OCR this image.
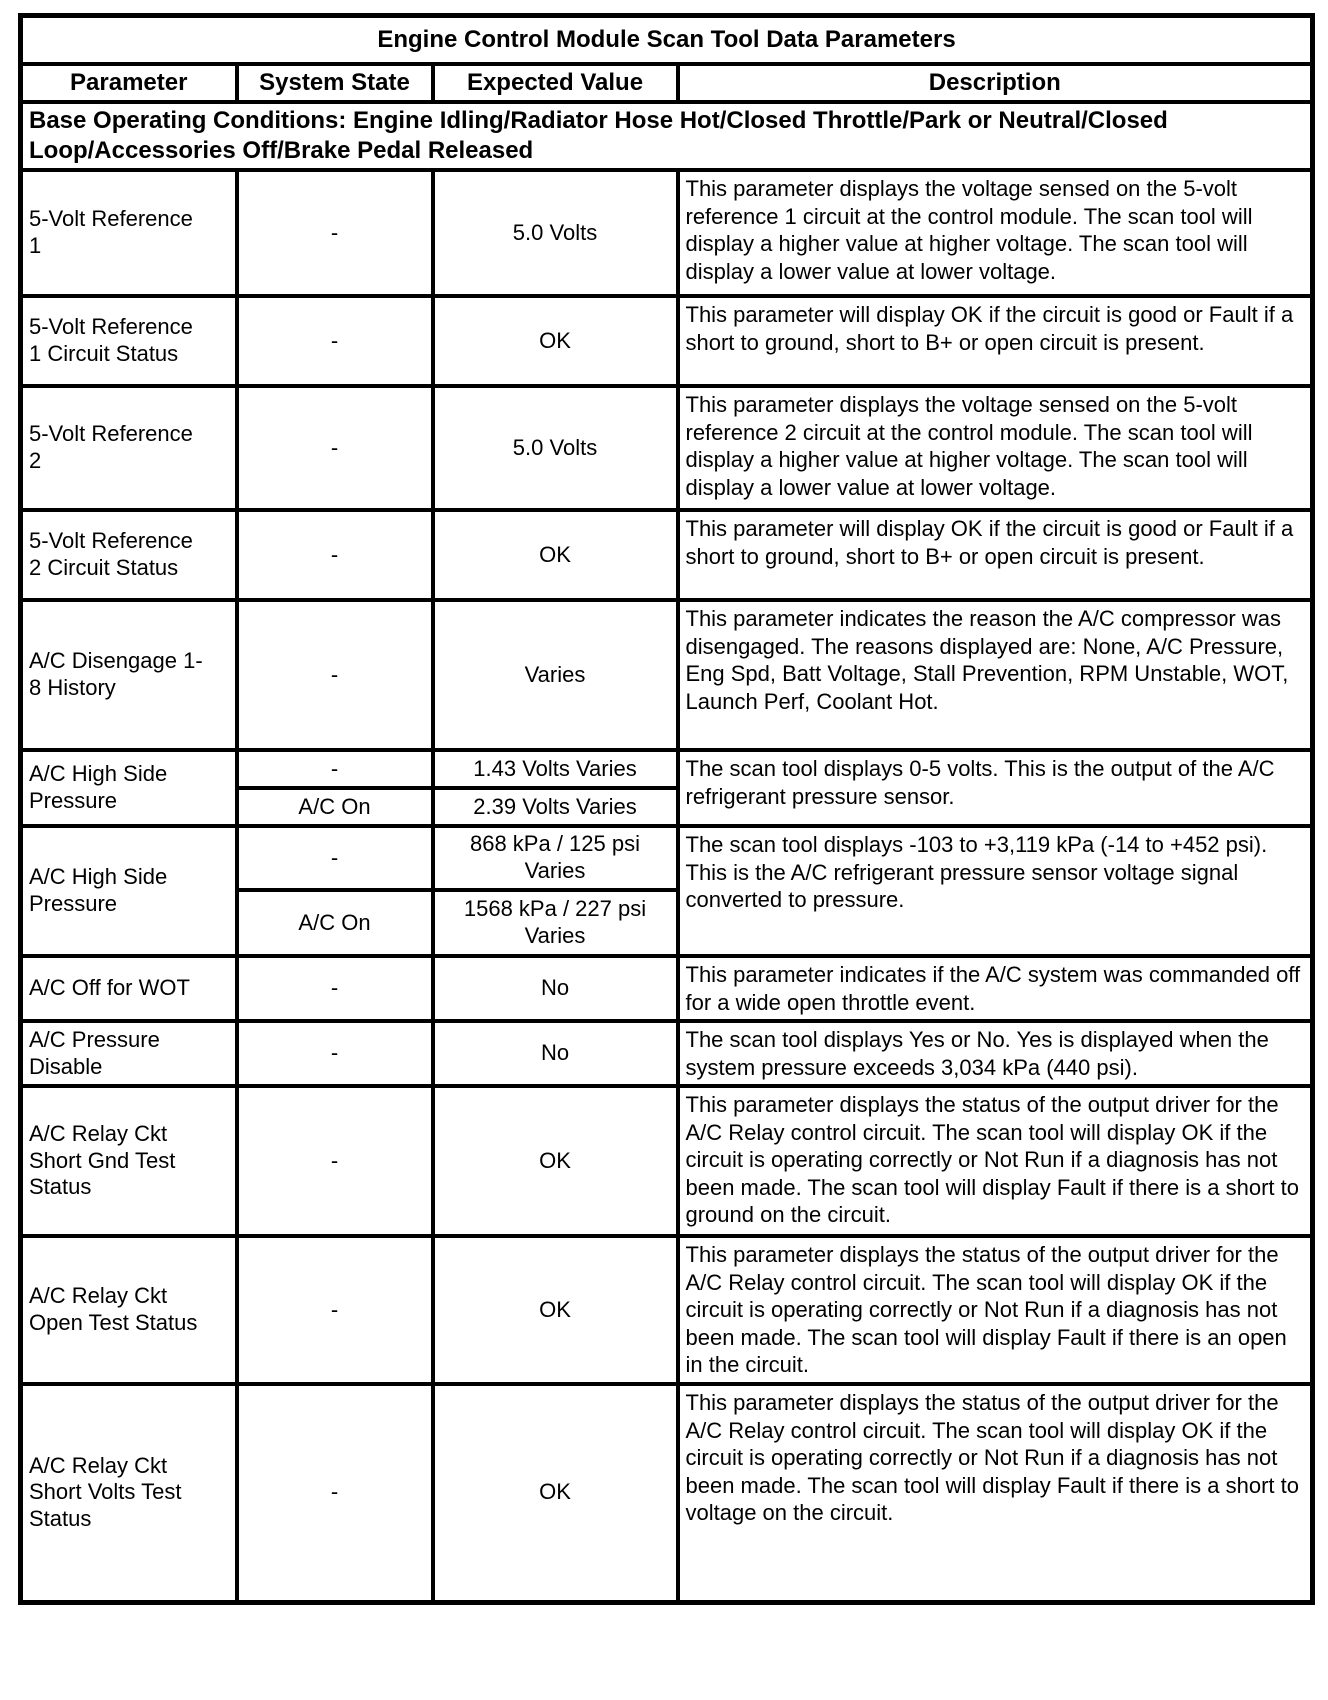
Engine Control Module Scan Tool Data Parameters			
Parameter	System State	Expected Value	Description
Base Operating Conditions: Engine Idling/Radiator Hose Hot/Closed Throttle/Park or Neutral/Closed Loop/Accessories Off/Brake Pedal Released			
5-Volt Reference 1	-	5.0 Volts	This parameter displays the voltage sensed on the 5-volt reference 1 circuit at the control module. The scan tool will display a higher value at higher voltage. The scan tool will display a lower value at lower voltage.
5-Volt Reference 1 Circuit Status	-	OK	This parameter will display OK if the circuit is good or Fault if a short to ground, short to B+ or open circuit is present.
5-Volt Reference 2	-	5.0 Volts	This parameter displays the voltage sensed on the 5-volt reference 2 circuit at the control module. The scan tool will display a higher value at higher voltage. The scan tool will display a lower value at lower voltage.
5-Volt Reference 2 Circuit Status	-	OK	This parameter will display OK if the circuit is good or Fault if a short to ground, short to B+ or open circuit is present.
A/C Disengage 1-8 History	-	Varies	This parameter indicates the reason the A/C compressor was disengaged. The reasons displayed are: None, A/C Pressure, Eng Spd, Batt Voltage, Stall Prevention, RPM Unstable, WOT, Launch Perf, Coolant Hot.
A/C High Side Pressure	-	1.43 Volts Varies	The scan tool displays 0-5 volts. This is the output of the A/C refrigerant pressure sensor.
	A/C On	2.39 Volts Varies	
A/C High Side Pressure	-	868 kPa / 125 psi Varies	The scan tool displays -103 to +3,119 kPa (-14 to +452 psi). This is the A/C refrigerant pressure sensor voltage signal converted to pressure.
	A/C On	1568 kPa / 227 psi Varies	
A/C Off for WOT	-	No	This parameter indicates if the A/C system was commanded off for a wide open throttle event.
A/C Pressure Disable	-	No	The scan tool displays Yes or No. Yes is displayed when the system pressure exceeds 3,034 kPa (440 psi).
A/C Relay Ckt Short Gnd Test Status	-	OK	This parameter displays the status of the output driver for the A/C Relay control circuit. The scan tool will display OK if the circuit is operating correctly or Not Run if a diagnosis has not been made. The scan tool will display Fault if there is a short to ground on the circuit.
A/C Relay Ckt Open Test Status	-	OK	This parameter displays the status of the output driver for the A/C Relay control circuit. The scan tool will display OK if the circuit is operating correctly or Not Run if a diagnosis has not been made. The scan tool will display Fault if there is an open in the circuit.
A/C Relay Ckt Short Volts Test Status	-	OK	This parameter displays the status of the output driver for the A/C Relay control circuit. The scan tool will display OK if the circuit is operating correctly or Not Run if a diagnosis has not been made. The scan tool will display Fault if there is a short to voltage on the circuit.
